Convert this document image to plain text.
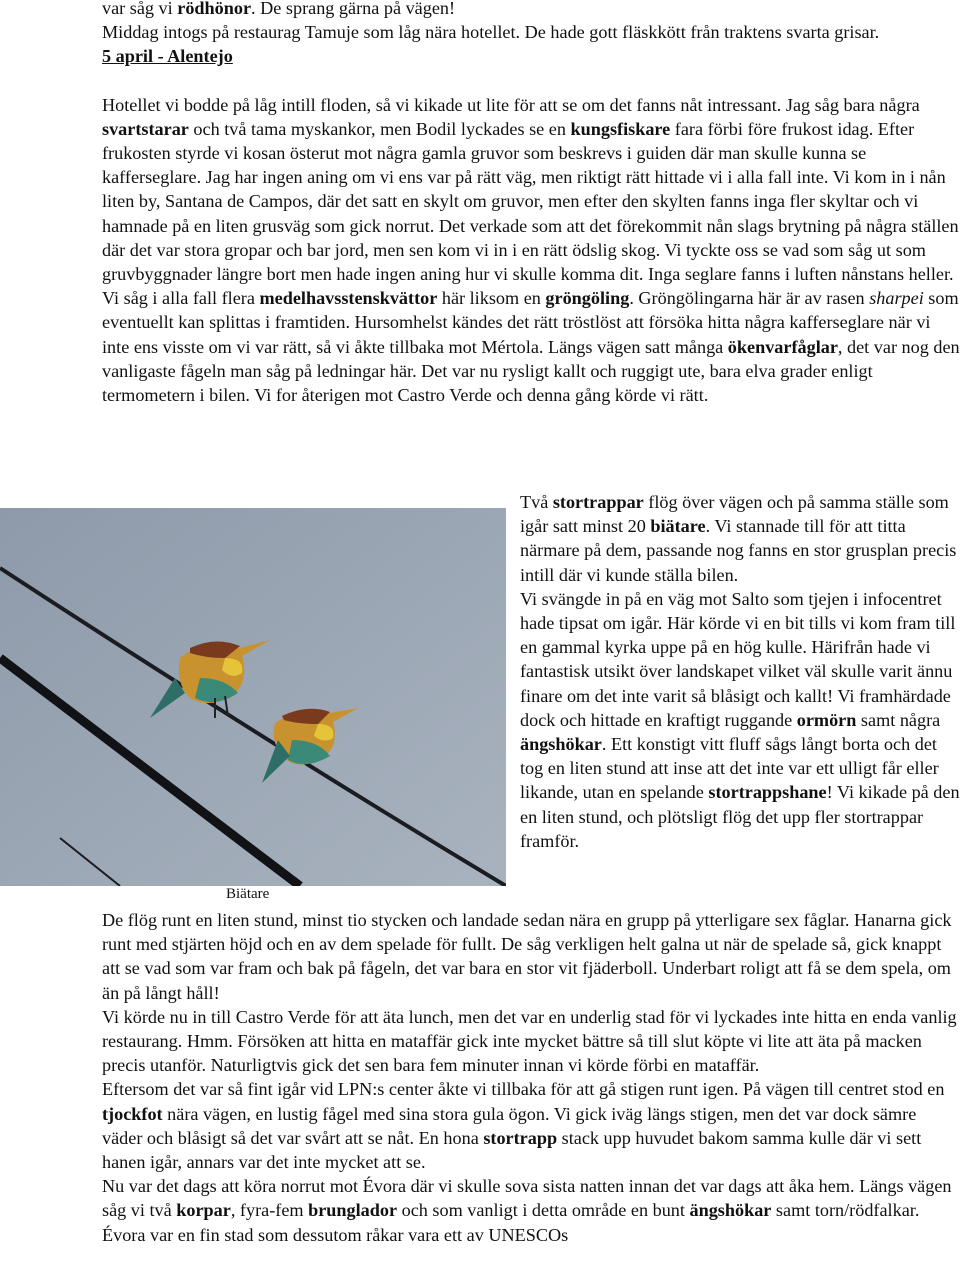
var såg vi rödhönor. De sprang gärna på vägen!

Middag intogs på restaurag Tamuje som låg nära hotellet. De hade gott fläskkött från traktens svarta grisar.

5 april - Alentejo

Hotellet vi bodde på låg intill floden, så vi kikade ut lite för att se om det fanns nåt intressant. Jag såg bara några svartstarar och två tama myskankor, men Bodil lyckades se en kungsfiskare fara förbi före frukost idag. Efter frukosten styrde vi kosan österut mot några gamla gruvor som beskrevs i guiden där man skulle kunna se kafferseglare. Jag har ingen aning om vi ens var på rätt väg, men riktigt rätt hittade vi i alla fall inte. Vi kom in i nån liten by, Santana de Campos, där det satt en skylt om gruvor, men efter den skylten fanns inga fler skyltar och vi hamnade på en liten grusväg som gick norrut. Det verkade som att det förekommit nån slags brytning på några ställen där det var stora gropar och bar jord, men sen kom vi in i en rätt ödslig skog. Vi tyckte oss se vad som såg ut som gruvbyggnader längre bort men hade ingen aning hur vi skulle komma dit. Inga seglare fanns i luften nånstans heller. Vi såg i alla fall flera medelhavsstenskvättor här liksom en gröngöling. Gröngölingarna här är av rasen sharpei som eventuellt kan splittas i framtiden. Hursomhelst kändes det rätt tröstlöst att försöka hitta några kafferseglare när vi inte ens visste om vi var rätt, så vi åkte tillbaka mot Mértola. Längs vägen satt många ökenvarfåglar, det var nog den vanligaste fågeln man såg på ledningar här. Det var nu rysligt kallt och ruggigt ute, bara elva grader enligt termometern i bilen. Vi for återigen mot Castro Verde och denna gång körde vi rätt.

Biätare

Två stortrappar flög över vägen och på samma ställe som igår satt minst 20 biätare. Vi stannade till för att titta närmare på dem, passande nog fanns en stor grusplan precis intill där vi kunde ställa bilen.

Vi svängde in på en väg mot Salto som tjejen i infocentret hade tipsat om igår. Här körde vi en bit tills vi kom fram till en gammal kyrka uppe på en hög kulle. Härifrån hade vi fantastisk utsikt över landskapet vilket väl skulle varit ännu finare om det inte varit så blåsigt och kallt! Vi framhärdade dock och hittade en kraftigt ruggande ormörn samt några ängshökar. Ett konstigt vitt fluff sågs långt borta och det tog en liten stund att inse att det inte var ett ulligt får eller likande, utan en spelande stortrappshane! Vi kikade på den en liten stund, och plötsligt flög det upp fler stortrappar framför.

De flög runt en liten stund, minst tio stycken och landade sedan nära en grupp på ytterligare sex fåglar. Hanarna gick runt med stjärten höjd och en av dem spelade för fullt. De såg verkligen helt galna ut när de spelade så, gick knappt att se vad som var fram och bak på fågeln, det var bara en stor vit fjäderboll. Underbart roligt att få se dem spela, om än på långt håll!

Vi körde nu in till Castro Verde för att äta lunch, men det var en underlig stad för vi lyckades inte hitta en enda vanlig restaurang. Hmm. Försöken att hitta en mataffär gick inte mycket bättre så till slut köpte vi lite att äta på macken precis utanför. Naturligtvis gick det sen bara fem minuter innan vi körde förbi en mataffär.

Eftersom det var så fint igår vid LPN:s center åkte vi tillbaka för att gå stigen runt igen. På vägen till centret stod en tjockfot nära vägen, en lustig fågel med sina stora gula ögon. Vi gick iväg längs stigen, men det var dock sämre väder och blåsigt så det var svårt att se nåt. En hona stortrapp stack upp huvudet bakom samma kulle där vi sett hanen igår, annars var det inte mycket att se.

Nu var det dags att köra norrut mot Évora där vi skulle sova sista natten innan det var dags att åka hem. Längs vägen såg vi två korpar, fyra-fem brunglador och som vanligt i detta område en bunt ängshökar samt torn/rödfalkar. Évora var en fin stad som dessutom råkar vara ett av UNESCOs
